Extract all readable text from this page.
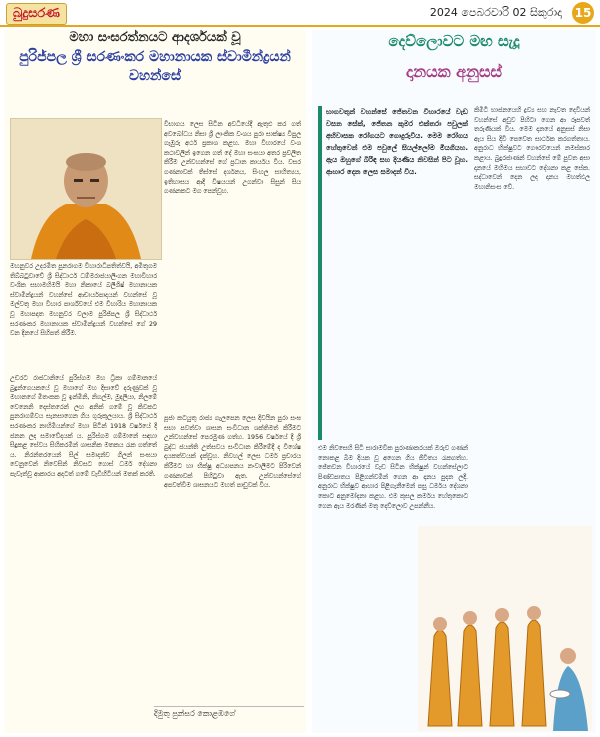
බුදුසරණ	2024 පෙබරවාරි 02 සිකුරාදා 15
මහා සංඝරත්නයට ආදර්ශයක් වූ
පුරිජ්පල ශ්‍රී සරණංකර මහානායක ස්වාමීන්ද්‍රයන් වහන්සේ
මහනුවර උදරමිත පුනරාගම විහාරාධිපතිත්වයි, අමිතුගම තිබ්බටුවාවේ ශ්‍රී සිද්ධාර්ථ ධම්මරාජයාලිංගන මහාවිහාර වංශික සභාමහිමයි මහා නිකායේ බලීශිෂ් මහානායක ස්වාමීන්ද්‍රයන් වහන්සේ ආචාර්යපාදයන් වහන්සේ වූ මල්වතු මහා විහාර පාර්ශ්වයේ එම විහාරිය මහානායක වූ මහාපදාත මහනුවර වලාම පුරිජ්පල ශ්‍රී සිද්ධාර්ථ සරණංකර මහානායක ස්වාමීන්ද්‍රයන් වහන්සේ ගේ 29 වන දිනයේ සිහිපත් කිරීම.
උඩරට රාජධානියේ පුරිස්ගම මහ ධ්‍රිකා ගම්මානයේ බුදුන්ගෙයකයේ වූ මහාගේ මහ දිසාවේ දරුණුවක් වූ මහානගේ මීතංකක වූ ඉන්මිනි, නිගල්ම, මුදලියා, නිලමේ වෙනෙනි දොස්තරෙන් ලහ අනික් ගමේ වූ කිවකට පුනරාගම්වය සැනසාගෙන ගිය ගුරුකුලයාය. ශ්‍රී සිද්ධාර්ථ සරණංකර නාහිමියන්ගේ මහා පිටින් 1918 වර්ෂයේ දී ජනන ලද සමාවේදයක් ය. පුරිස්ගම ගම්මානේ සඳහා සිදුකළ සේවය සිහිකරමින් ශාසනික මතකය රැක ගත්තේ ය. නිරන්තරයෙන් සිල් සමාදන්ව ගිලන් සංඝයා වෙනුවෙන් නිවෙසින් නිවසට ගොස් ධර්ම දේශනා පැවැත්වූ ආකාරය අදටත් ගමේ වැඩිහිටියන් මතක් කරති.
විභාගය ලෙස සිටින අවධියේදී ඇතුළු කර ගත් අවබෝධය නිසා ශ්‍රී ලාංකික වංශය පුරා සාක්ෂ්‍ය විපුල ගැඹුරු අර්ථ ප්‍රකාශ කළහ. මහා විහාරයේ වංශ කථාවලින් ඉගෙන ගත් දේ මහා සංඝයා අතර ප්‍රචලිත කිරීම උන්වහන්සේ ගේ ප්‍රධාන කාර්යය විය. වසර ගණනාවක් තිස්සේ දර්ශනය, සිංහල සාහිත්‍යය, ඉතිහාසය ආදී විෂයයන් උගන්වා සිසුන් සිය ගණනකට මග පෙන්වූහ.
පූජා කටයුතු රාජ්‍ය ගැලපෙන ලෙස දිවයින පුරා සංඝ සභා පවත්වා ශාසන සංවිධාන ශක්තිමත් කිරීමට උන්වහන්සේ පෙරමුණ ගත්හ. 1956 වර්ෂයේ දී ශ්‍රී බුද්ධ ජයන්ති උත්සවය සංවිධාන කිරීමේදී ද විශේෂ දායකත්වයක් දැක්වූහ. නිවහල් ලෙස ධර්ම ප්‍රචාරය කිරීමට හා භික්ෂු අධ්‍යාපනය නංවාලීමට පිරිවෙන් ගණනාවක් පිහිටුවා ඇත. උන්වහන්සේගේ අපවත්වීම ශාසනයට මහත් පාඩුවක් විය.
දිමුතු පුන්සර කොළඹගේ
දෙව්ලොවට මඟ සැදූ
දානයක අනුසස්
භාගවතුන් වහන්සේ ජේතවන විහාරයේ වැඩ වසන සේක්, ජේතන කුමර එක්තරා පවුලක් අභිවාසක රෝගයට ගොදුරුවිය. මෙම රෝගය හේතුවෙන් එම පවුලේ සියල්ලෝම මියගියහ. ඇය ඔහුගේ බිරිඳ සහ දියණිය නිවසින් පිට වූහ. ආහාර දෙන ලෙස සමාදන් විය.
එම නිවසෙහි සිටි සාරාමවික පුරාණාකරයක් ඔරුව ගණන් නොකළ බිම දියක වූ අගෙන ගිය ජීවිතය රැකගත්හ. ජේතවන විහාරයේ වැඩ සිටින භික්ෂුන් වහන්සේලාට පිණ්ඩපාතය පිළිගන්වමින් ගෙන ආ දානය පුදන ලදී. අනුරාධ භික්ෂුව ආහාර පිළිගැනීමෙන් පසු ධර්මය දේශනා කොට අනුමෝදනා කළහ. එම කුසල කර්මය හේතුකොට ගෙන ඇය මරණින් මතු දෙව්ලොව උපන්නීය.
කිමිටි භාජනයෙහි ද්‍රව්‍ය සහ නැවත දෙවියන් වහන්සේ අඩුව පිහිටා ගෙන ආ රූපවත් තරුණියක් විය. මෙම දානයේ අනුසස් නිසා ඇය සිය දිවි පෙවෙත සාර්ථක කරගත්තාය. අනුරාධ භික්ෂුවට ගෞරවයෙන් නමස්කාර කළාය. බුදුරජාණන් වහන්සේ මේ පුවත අසා දානයේ මහිමය සභාවට දේශනා කළ සේක. සද්ධාවෙන් දෙන ලද දානය මහත්ඵල මහානිසංස වේ.
